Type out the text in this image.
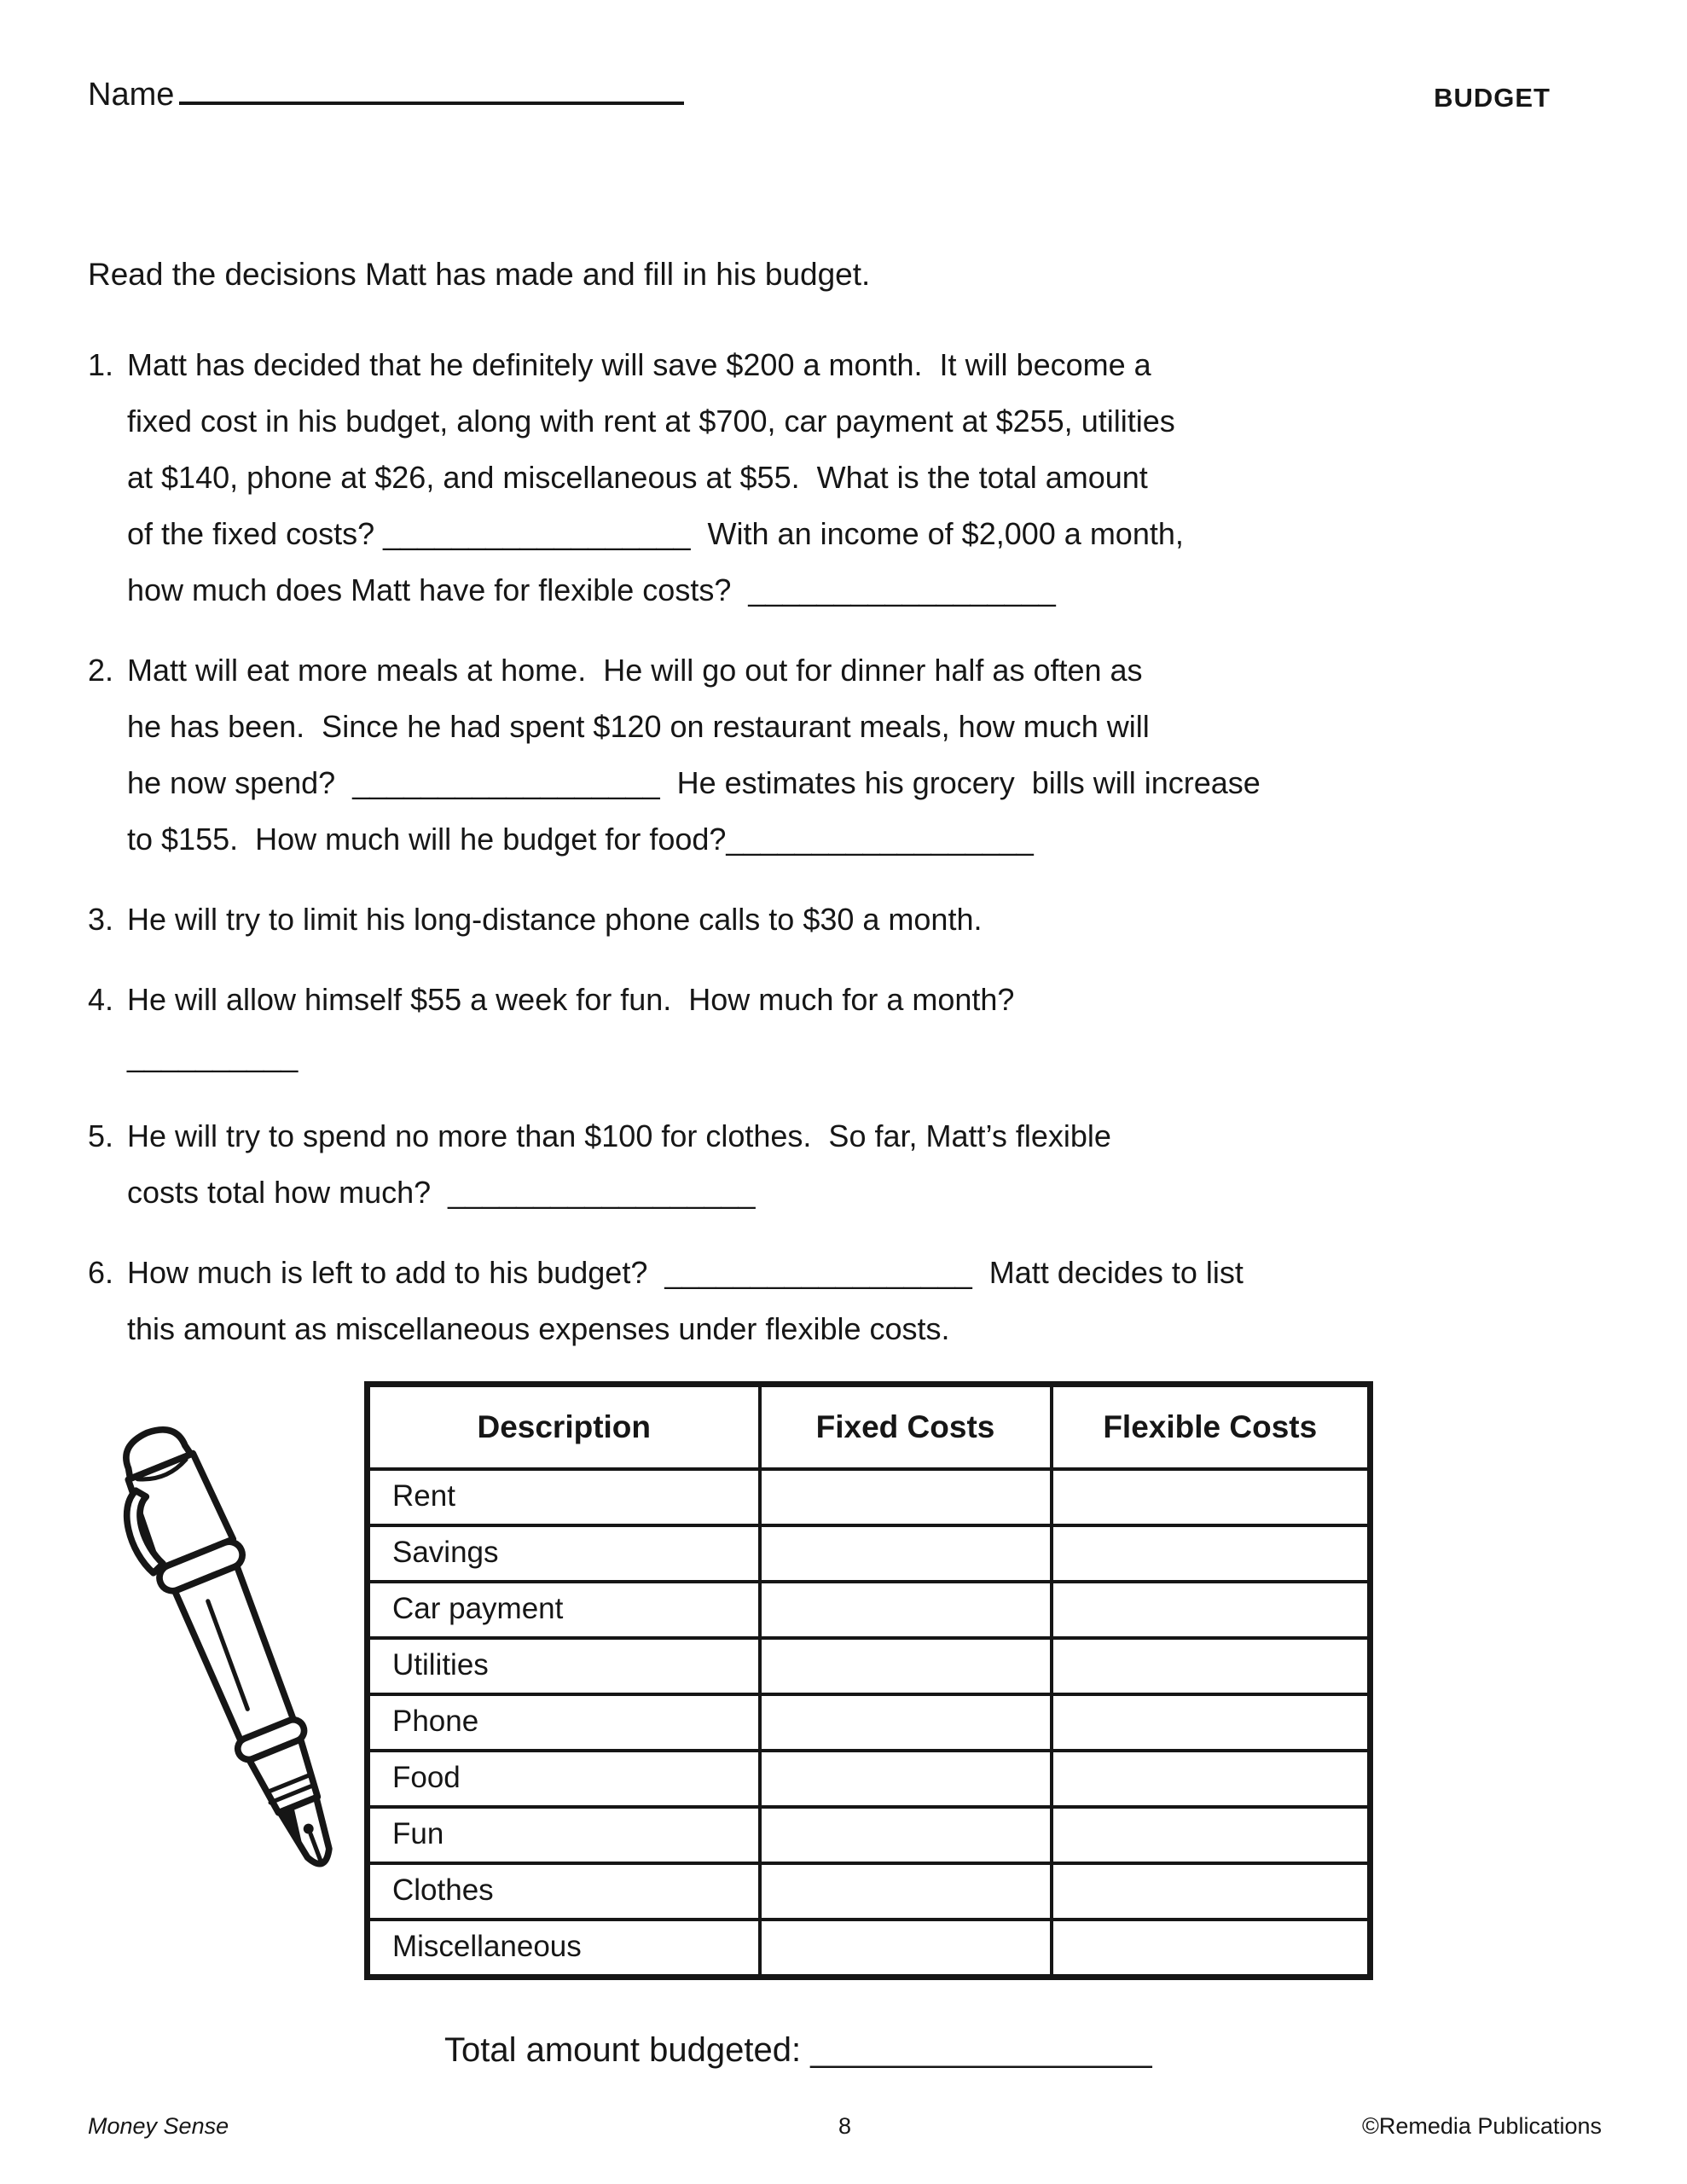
Name	BUDGET
Read the decisions Matt has made and fill in his budget.
1. Matt has decided that he definitely will save $200 a month.  It will become a
fixed cost in his budget, along with rent at $700, car payment at $255, utilities
at $140, phone at $26, and miscellaneous at $55.  What is the total amount
of the fixed costs? __________________  With an income of $2,000 a month,
how much does Matt have for flexible costs?  __________________
2. Matt will eat more meals at home.  He will go out for dinner half as often as
he has been.  Since he had spent $120 on restaurant meals, how much will
he now spend?  __________________  He estimates his grocery  bills will increase
to $155.  How much will he budget for food?__________________
3. He will try to limit his long-distance phone calls to $30 a month.
4. He will allow himself $55 a week for fun.  How much for a month?
__________
5. He will try to spend no more than $100 for clothes.  So far, Matt’s flexible
costs total how much?  __________________
6. How much is left to add to his budget?  __________________  Matt decides to list
this amount as miscellaneous expenses under flexible costs.
Description	Fixed Costs	Flexible Costs
Rent		
Savings		
Car payment		
Utilities		
Phone		
Food		
Fun		
Clothes		
Miscellaneous		
Total amount budgeted: __________________
Money Sense	8	©Remedia Publications
